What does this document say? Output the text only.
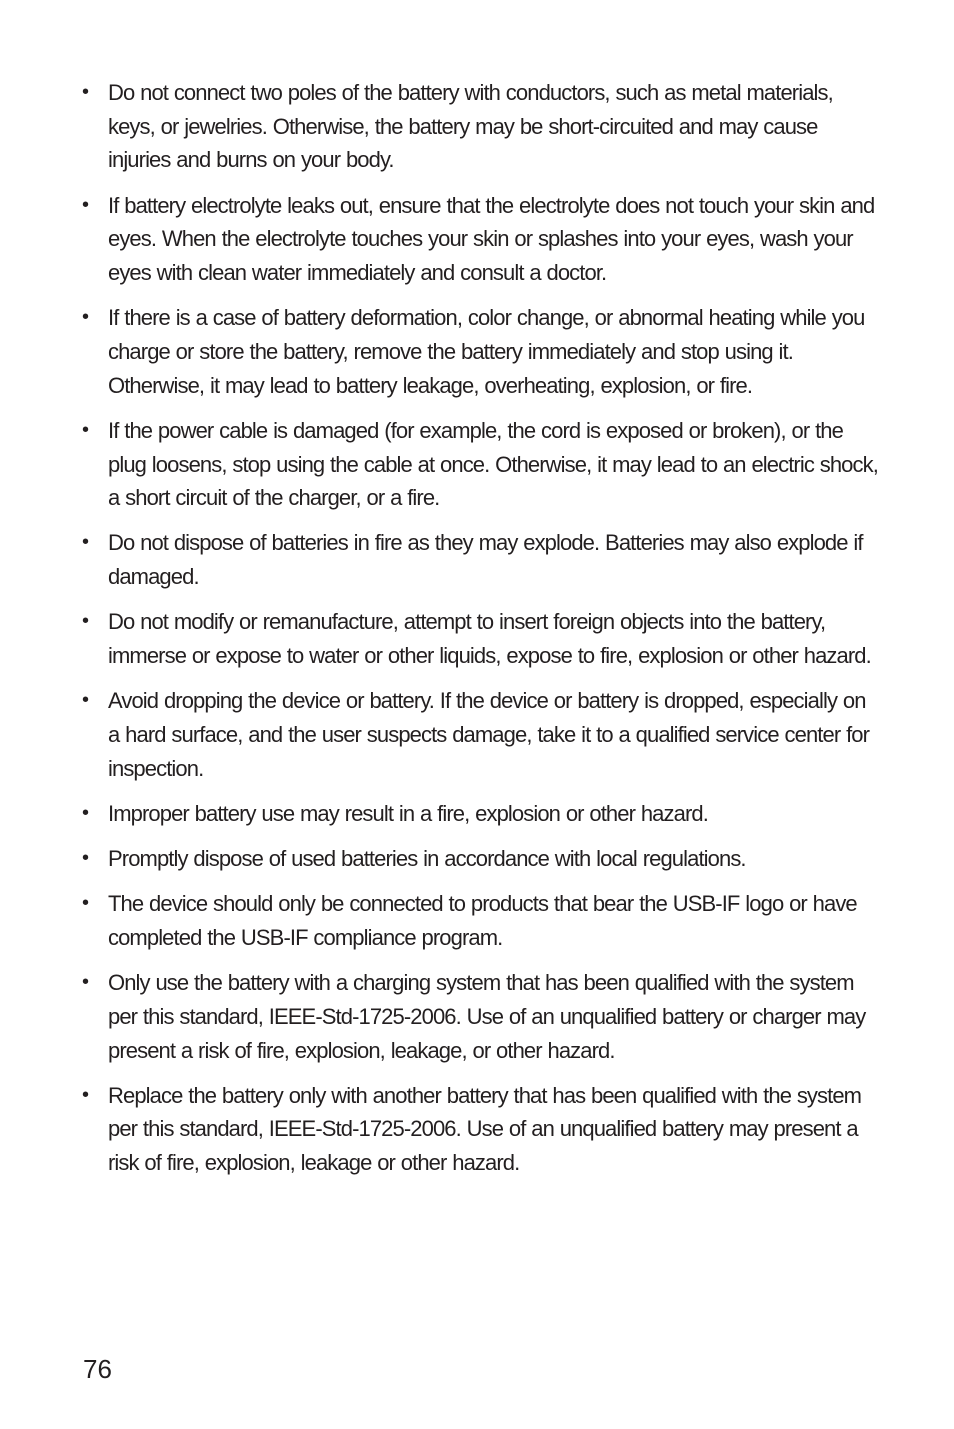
• Do not connect two poles of the battery with conductors, such as metal materials, keys, or jewelries. Otherwise, the battery may be short-circuited and may cause injuries and burns on your body.
• If battery electrolyte leaks out, ensure that the electrolyte does not touch your skin and eyes. When the electrolyte touches your skin or splashes into your eyes, wash your eyes with clean water immediately and consult a doctor.
• If there is a case of battery deformation, color change, or abnormal heating while you charge or store the battery, remove the battery immediately and stop using it. Otherwise, it may lead to battery leakage, overheating, explosion, or fire.
• If the power cable is damaged (for example, the cord is exposed or broken), or the plug loosens, stop using the cable at once. Otherwise, it may lead to an electric shock, a short circuit of the charger, or a fire.
• Do not dispose of batteries in fire as they may explode. Batteries may also explode if damaged.
• Do not modify or remanufacture, attempt to insert foreign objects into the battery, immerse or expose to water or other liquids, expose to fire, explosion or other hazard.
• Avoid dropping the device or battery. If the device or battery is dropped, especially on a hard surface, and the user suspects damage, take it to a qualified service center for inspection.
• Improper battery use may result in a fire, explosion or other hazard.
• Promptly dispose of used batteries in accordance with local regulations.
• The device should only be connected to products that bear the USB-IF logo or have completed the USB-IF compliance program.
• Only use the battery with a charging system that has been qualified with the system per this standard, IEEE-Std-1725-2006. Use of an unqualified battery or charger may present a risk of fire, explosion, leakage, or other hazard.
• Replace the battery only with another battery that has been qualified with the system per this standard, IEEE-Std-1725-2006. Use of an unqualified battery may present a risk of fire, explosion, leakage or other hazard.
76
